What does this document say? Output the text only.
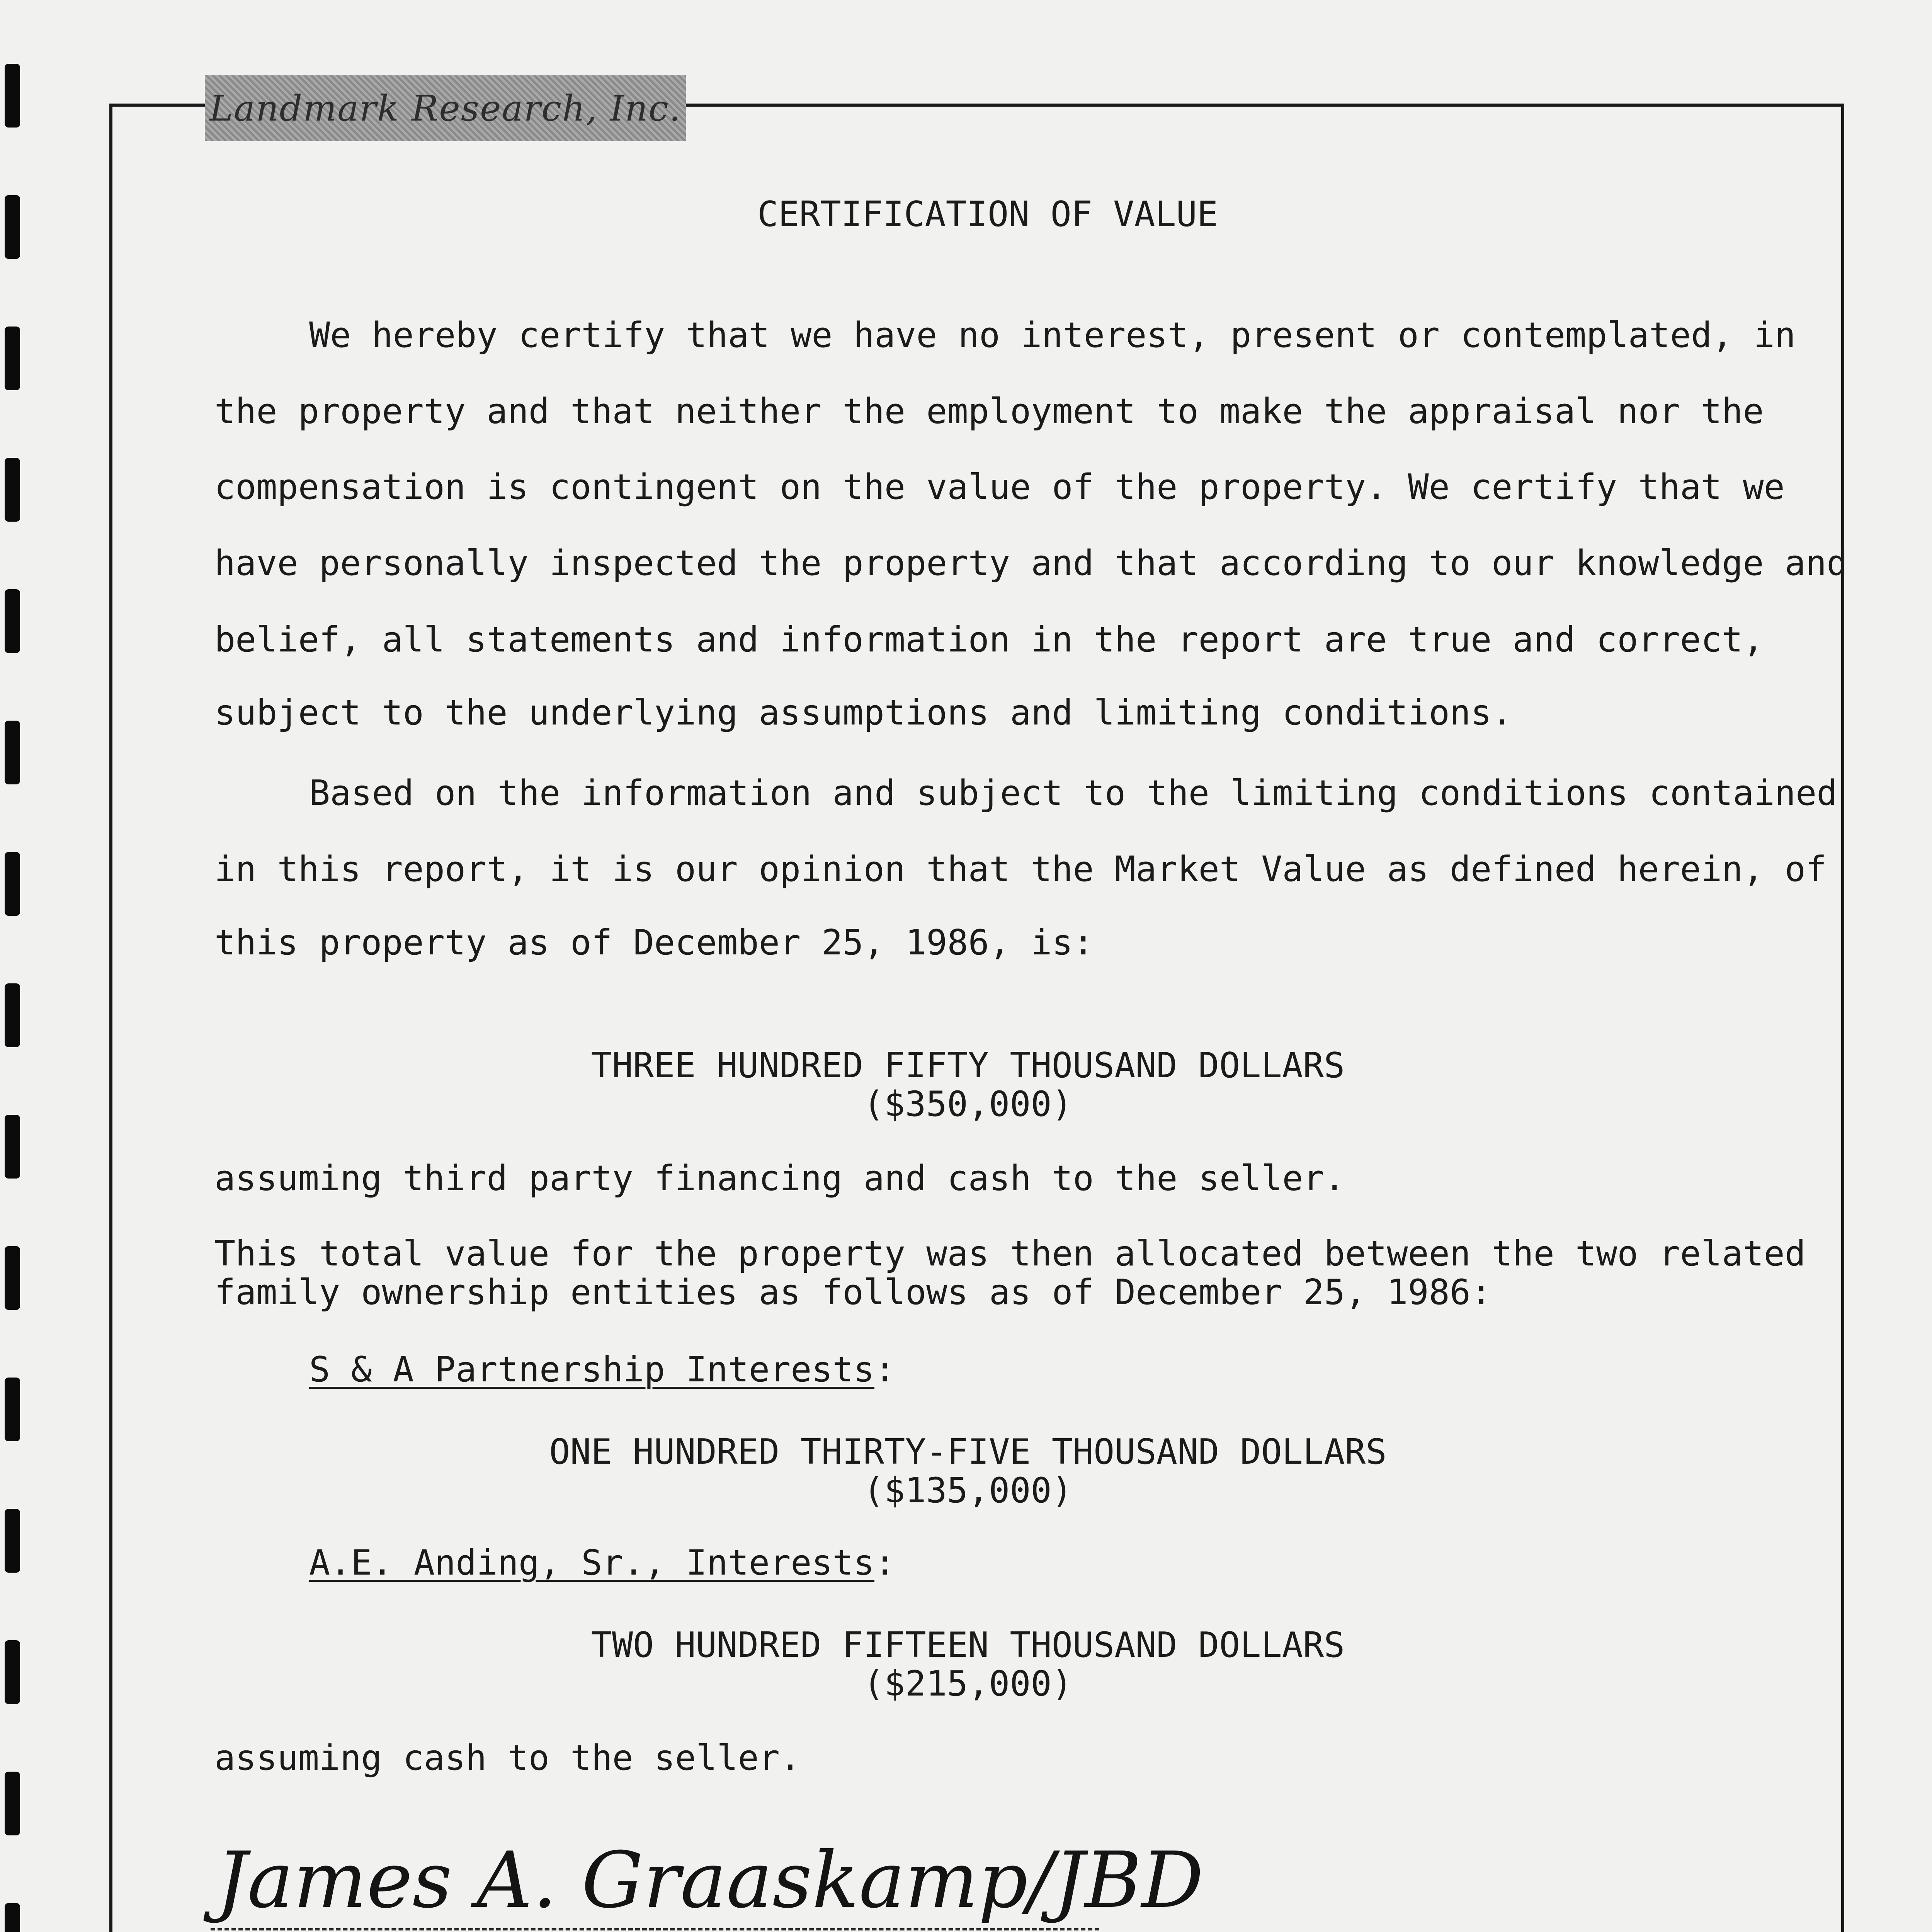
Landmark Research, Inc.
CERTIFICATION OF VALUE
We hereby certify that we have no interest, present or contemplated, in
the property and that neither the employment to make the appraisal nor the
compensation is contingent on the value of the property. We certify that we
have personally inspected the property and that according to our knowledge and
belief, all statements and information in the report are true and correct,
subject to the underlying assumptions and limiting conditions.
Based on the information and subject to the limiting conditions contained
in this report, it is our opinion that the Market Value as defined herein, of
this property as of December 25, 1986, is:
THREE HUNDRED FIFTY THOUSAND DOLLARS
($350,000)
assuming third party financing and cash to the seller.
This total value for the property was then allocated between the two related
family ownership entities as follows as of December 25, 1986:
S & A Partnership Interests:
ONE HUNDRED THIRTY-FIVE THOUSAND DOLLARS
($135,000)
A.E. Anding, Sr., Interests:
TWO HUNDRED FIFTEEN THOUSAND DOLLARS
($215,000)
assuming cash to the seller.
James A. Graaskamp/JBD
